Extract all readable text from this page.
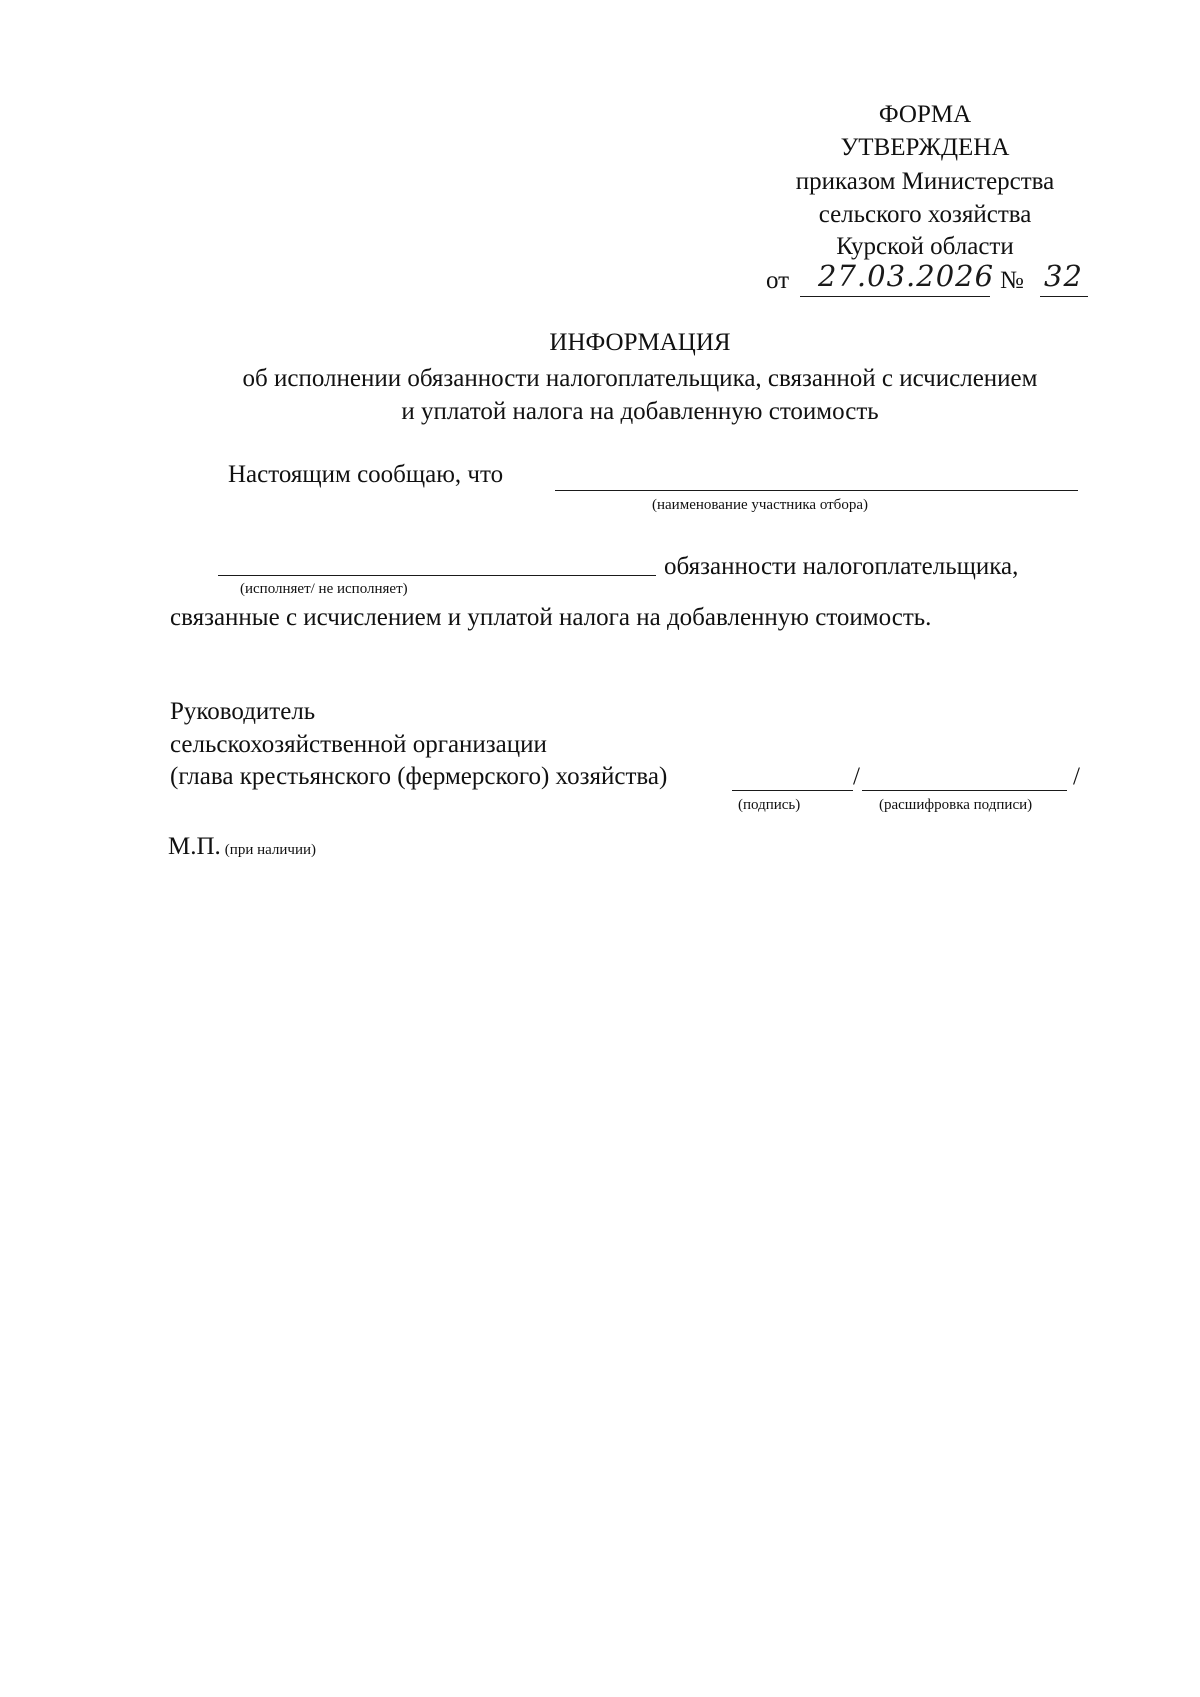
ФОРМА
УТВЕРЖДЕНА
приказом Министерства
сельского хозяйства
Курской области
от 27.03.2026 № 32
ИНФОРМАЦИЯ
об исполнении обязанности налогоплательщика, связанной с исчислением
и уплатой налога на добавленную стоимость
Настоящим сообщаю, что
(наименование участника отбора)
обязанности налогоплательщика,
(исполняет/ не исполняет)
связанные с исчислением и уплатой налога на добавленную стоимость.
Руководитель
сельскохозяйственной организации
(глава крестьянского (фермерского) хозяйства)	/	/
(подпись)	(расшифровка подписи)
М.П. (при наличии)
